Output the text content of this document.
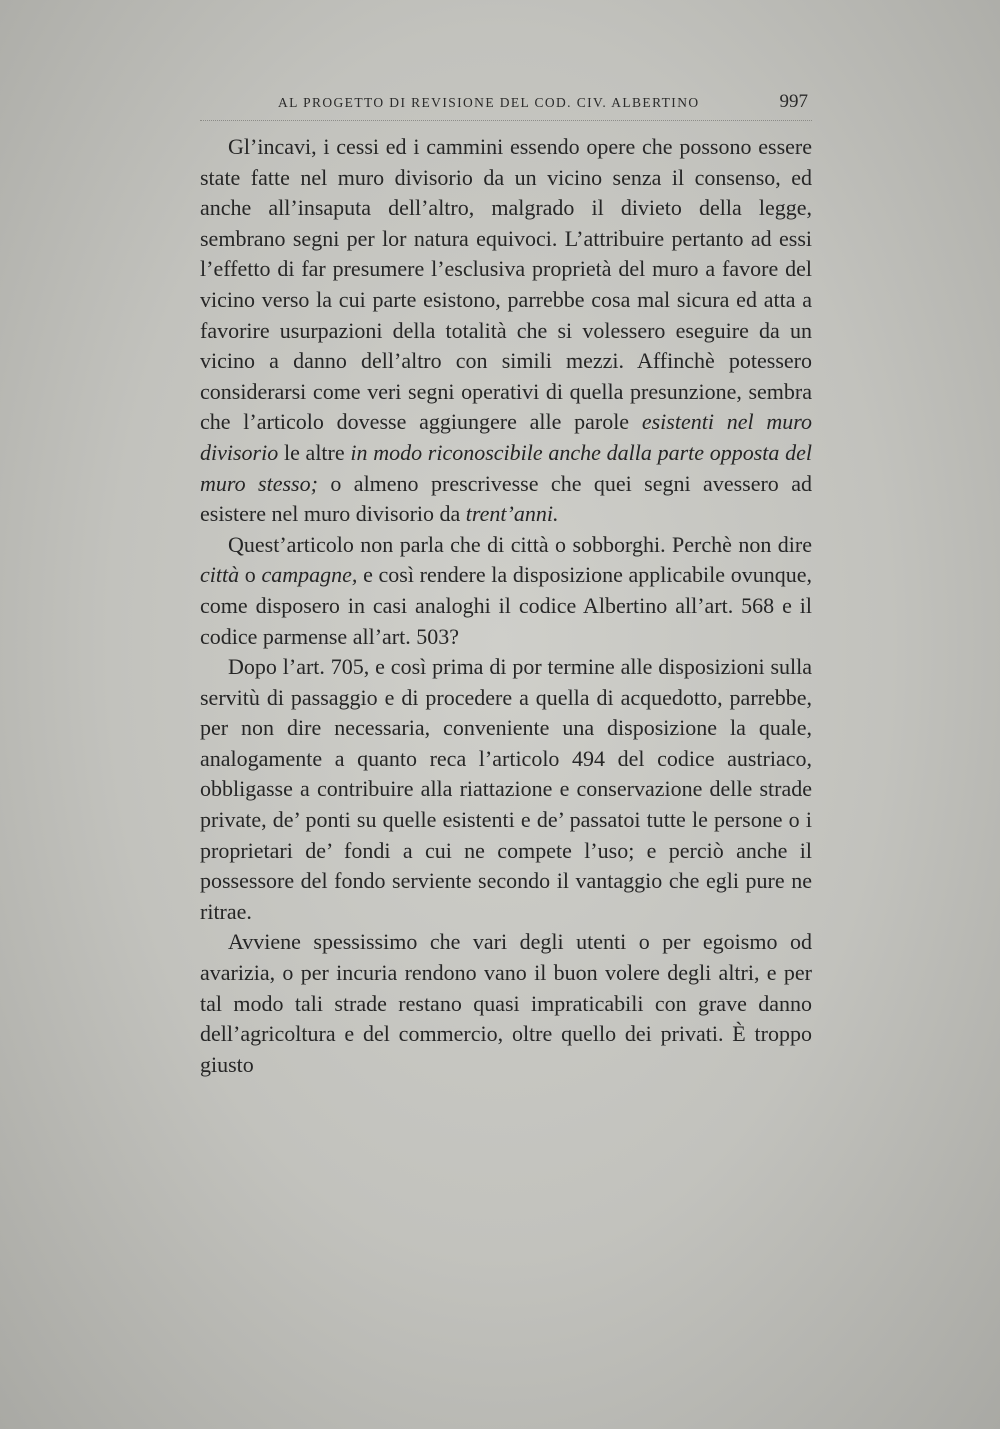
AL PROGETTO DI REVISIONE DEL COD. CIV. ALBERTINO	997

Gl’incavi, i cessi ed i cammini essendo opere che possono essere state fatte nel muro divisorio da un vicino senza il consenso, ed anche all’insaputa dell’altro, malgrado il divieto della legge, sembrano segni per lor natura equivoci. L’attribuire pertanto ad essi l’effetto di far presumere l’esclusiva proprietà del muro a favore del vicino verso la cui parte esistono, parrebbe cosa mal sicura ed atta a favorire usurpazioni della totalità che si volessero eseguire da un vicino a danno dell’altro con simili mezzi. Affinchè potessero considerarsi come veri segni operativi di quella presunzione, sembra che l’articolo dovesse aggiungere alle parole esistenti nel muro divisorio le altre in modo riconoscibile anche dalla parte opposta del muro stesso; o almeno prescrivesse che quei segni avessero ad esistere nel muro divisorio da trent’anni.

Quest’articolo non parla che di città o sobborghi. Perchè non dire città o campagne, e così rendere la disposizione applicabile ovunque, come disposero in casi analoghi il codice Albertino all’art. 568 e il codice parmense all’art. 503?

Dopo l’art. 705, e così prima di por termine alle disposizioni sulla servitù di passaggio e di procedere a quella di acquedotto, parrebbe, per non dire necessaria, conveniente una disposizione la quale, analogamente a quanto reca l’articolo 494 del codice austriaco, obbligasse a contribuire alla riattazione e conservazione delle strade private, de’ ponti su quelle esistenti e de’ passatoi tutte le persone o i proprietari de’ fondi a cui ne compete l’uso; e perciò anche il possessore del fondo serviente secondo il vantaggio che egli pure ne ritrae.

Avviene spessissimo che vari degli utenti o per egoismo od avarizia, o per incuria rendono vano il buon volere degli altri, e per tal modo tali strade restano quasi impraticabili con grave danno dell’agricoltura e del commercio, oltre quello dei privati. È troppo giusto
